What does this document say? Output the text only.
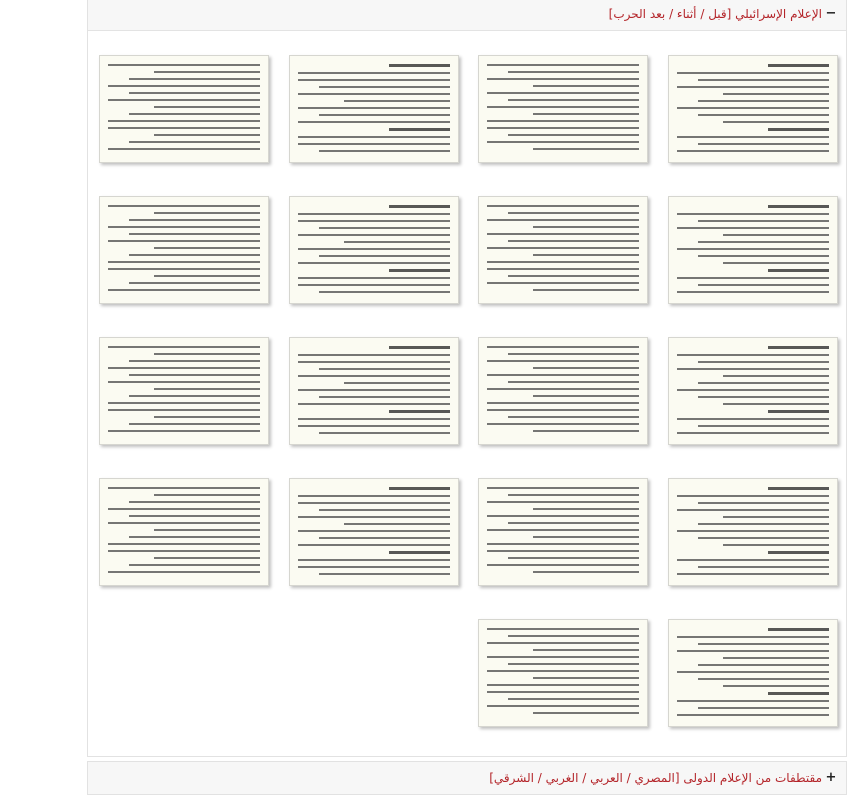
−
الإعلام الإسرائيلي [قبل / أثناء / بعد الحرب]
+
مقتطفات من الإعلام الدولى [المصري / العربي / الغربي / الشرقي]
